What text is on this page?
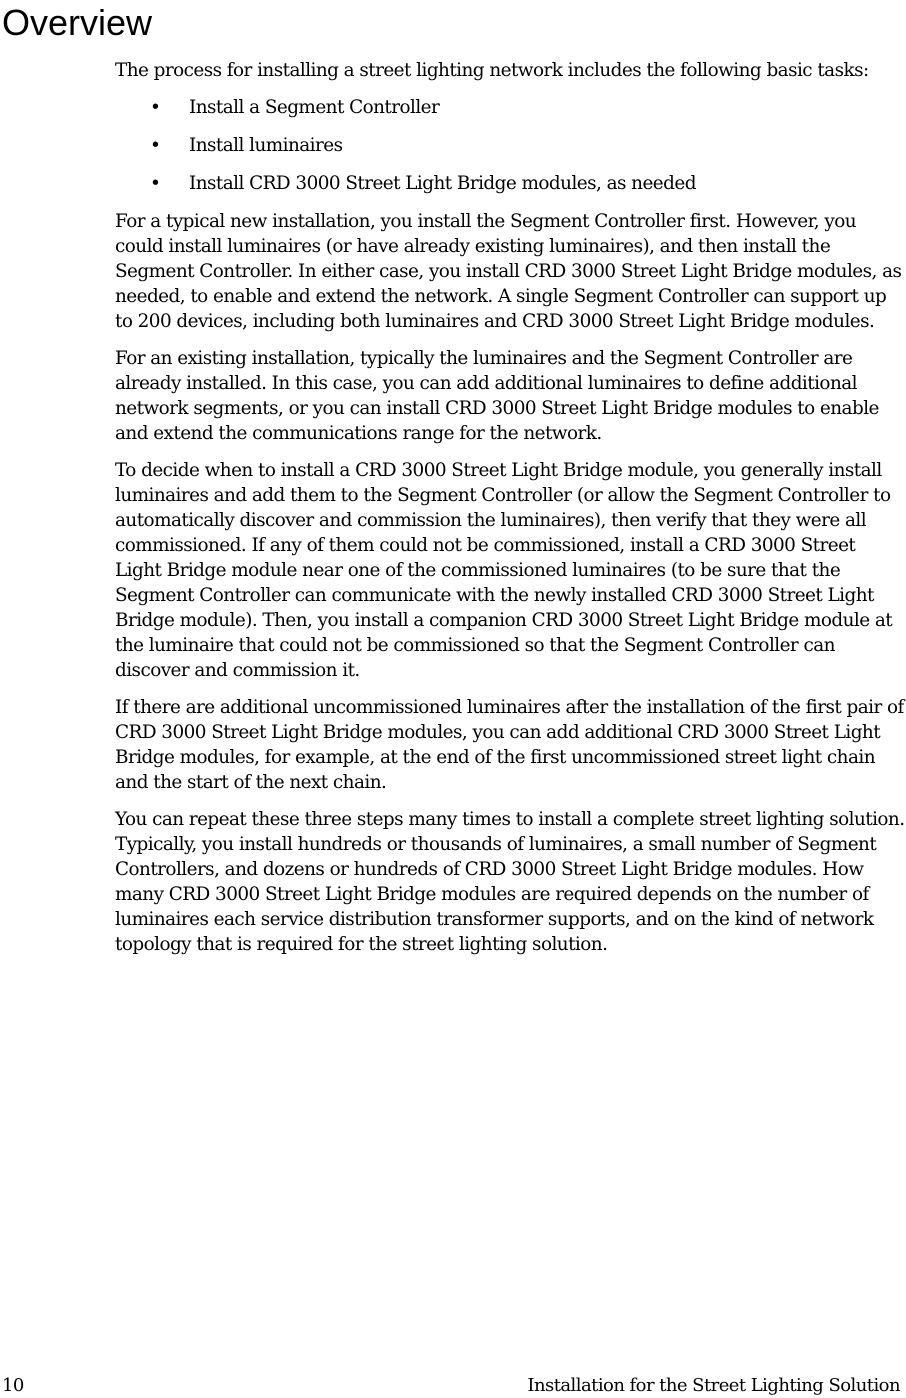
Overview

The process for installing a street lighting network includes the following basic tasks:

• Install a Segment Controller
• Install luminaires
• Install CRD 3000 Street Light Bridge modules, as needed

For a typical new installation, you install the Segment Controller first. However, you could install luminaires (or have already existing luminaires), and then install the Segment Controller. In either case, you install CRD 3000 Street Light Bridge modules, as needed, to enable and extend the network. A single Segment Controller can support up to 200 devices, including both luminaires and CRD 3000 Street Light Bridge modules.

For an existing installation, typically the luminaires and the Segment Controller are already installed. In this case, you can add additional luminaires to define additional network segments, or you can install CRD 3000 Street Light Bridge modules to enable and extend the communications range for the network.

To decide when to install a CRD 3000 Street Light Bridge module, you generally install luminaires and add them to the Segment Controller (or allow the Segment Controller to automatically discover and commission the luminaires), then verify that they were all commissioned. If any of them could not be commissioned, install a CRD 3000 Street Light Bridge module near one of the commissioned luminaires (to be sure that the Segment Controller can communicate with the newly installed CRD 3000 Street Light Bridge module). Then, you install a companion CRD 3000 Street Light Bridge module at the luminaire that could not be commissioned so that the Segment Controller can discover and commission it.

If there are additional uncommissioned luminaires after the installation of the first pair of CRD 3000 Street Light Bridge modules, you can add additional CRD 3000 Street Light Bridge modules, for example, at the end of the first uncommissioned street light chain and the start of the next chain.

You can repeat these three steps many times to install a complete street lighting solution. Typically, you install hundreds or thousands of luminaires, a small number of Segment Controllers, and dozens or hundreds of CRD 3000 Street Light Bridge modules. How many CRD 3000 Street Light Bridge modules are required depends on the number of luminaires each service distribution transformer supports, and on the kind of network topology that is required for the street lighting solution.

10	Installation for the Street Lighting Solution
